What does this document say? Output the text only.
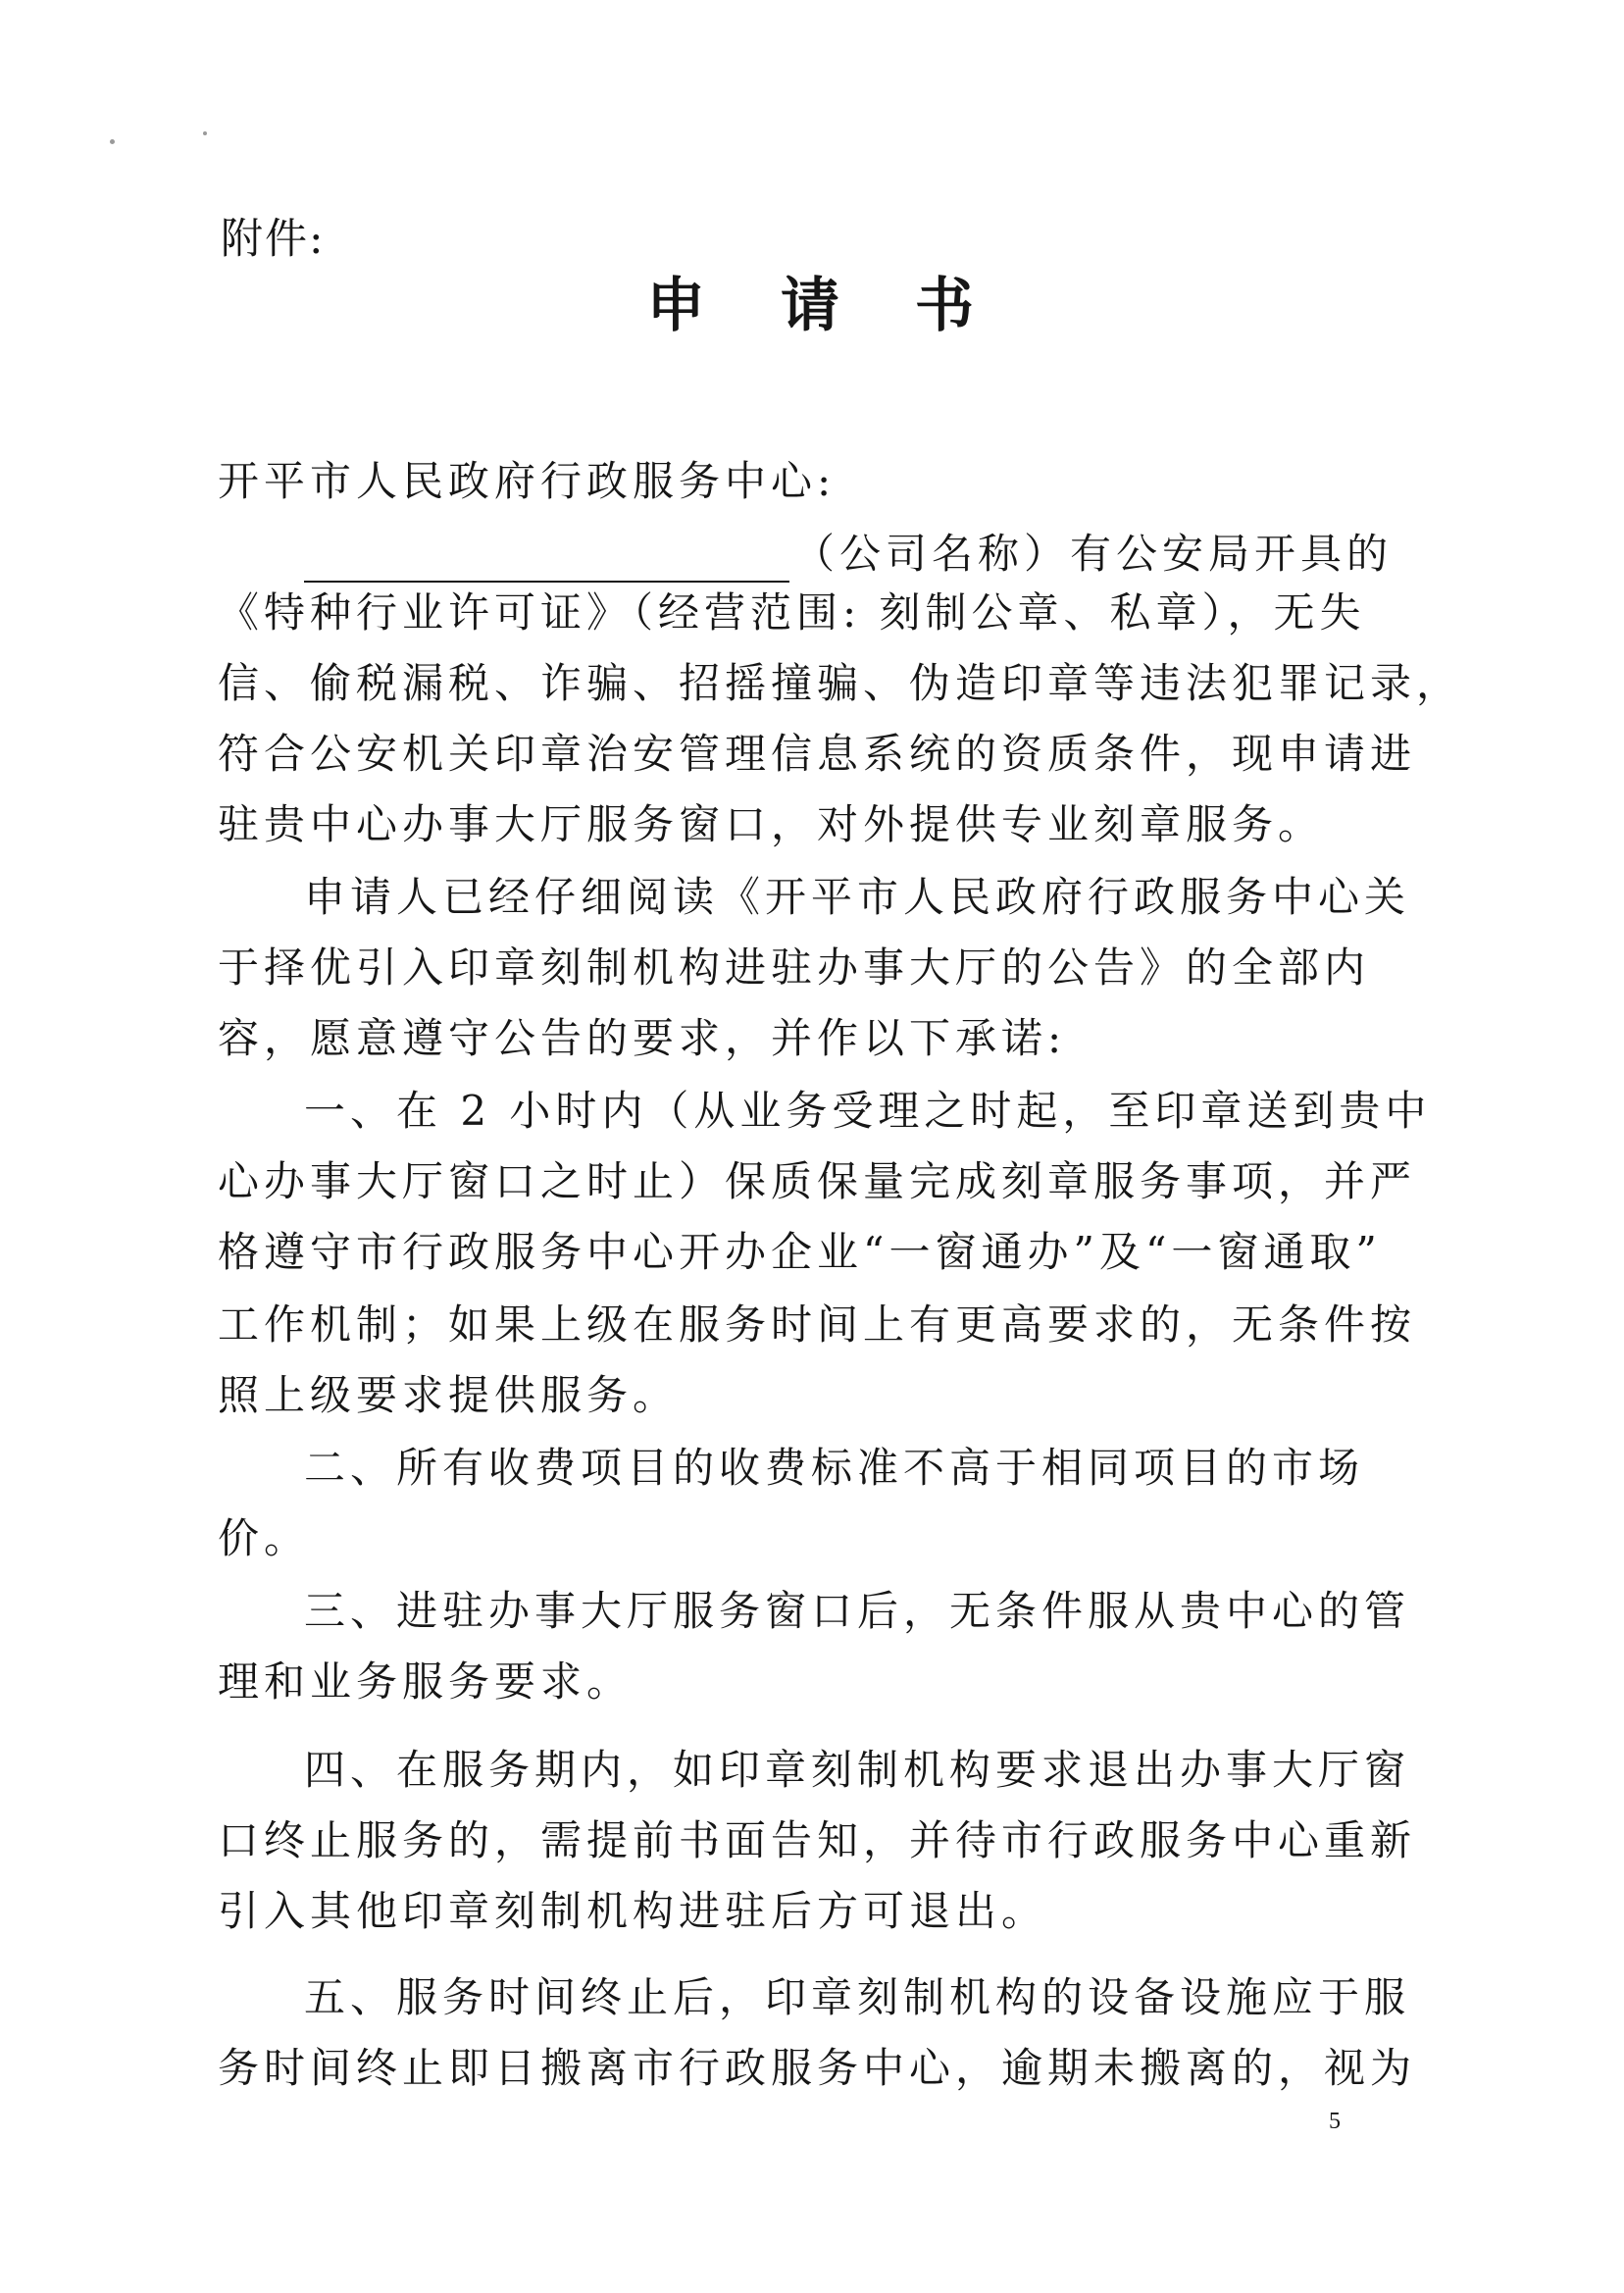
附件:
申 请 书
开平市人民政府行政服务中心:
（公司名称）有公安局开具的
《特种行业许可证》（经营范围: 刻制公章、私章），无失
信、偷税漏税、诈骗、招摇撞骗、伪造印章等违法犯罪记录，
符合公安机关印章治安管理信息系统的资质条件，现申请进
驻贵中心办事大厅服务窗口，对外提供专业刻章服务。
申请人已经仔细阅读《开平市人民政府行政服务中心关
于择优引入印章刻制机构进驻办事大厅的公告》的全部内
容，愿意遵守公告的要求，并作以下承诺:
一、在 2 小时内（从业务受理之时起，至印章送到贵中
心办事大厅窗口之时止）保质保量完成刻章服务事项，并严
格遵守市行政服务中心开办企业“一窗通办”及“一窗通取”
工作机制；如果上级在服务时间上有更高要求的，无条件按
照上级要求提供服务。
二、所有收费项目的收费标准不高于相同项目的市场
价。
三、进驻办事大厅服务窗口后，无条件服从贵中心的管
理和业务服务要求。
四、在服务期内，如印章刻制机构要求退出办事大厅窗
口终止服务的，需提前书面告知，并待市行政服务中心重新
引入其他印章刻制机构进驻后方可退出。
五、服务时间终止后，印章刻制机构的设备设施应于服
务时间终止即日搬离市行政服务中心，逾期未搬离的，视为
5
